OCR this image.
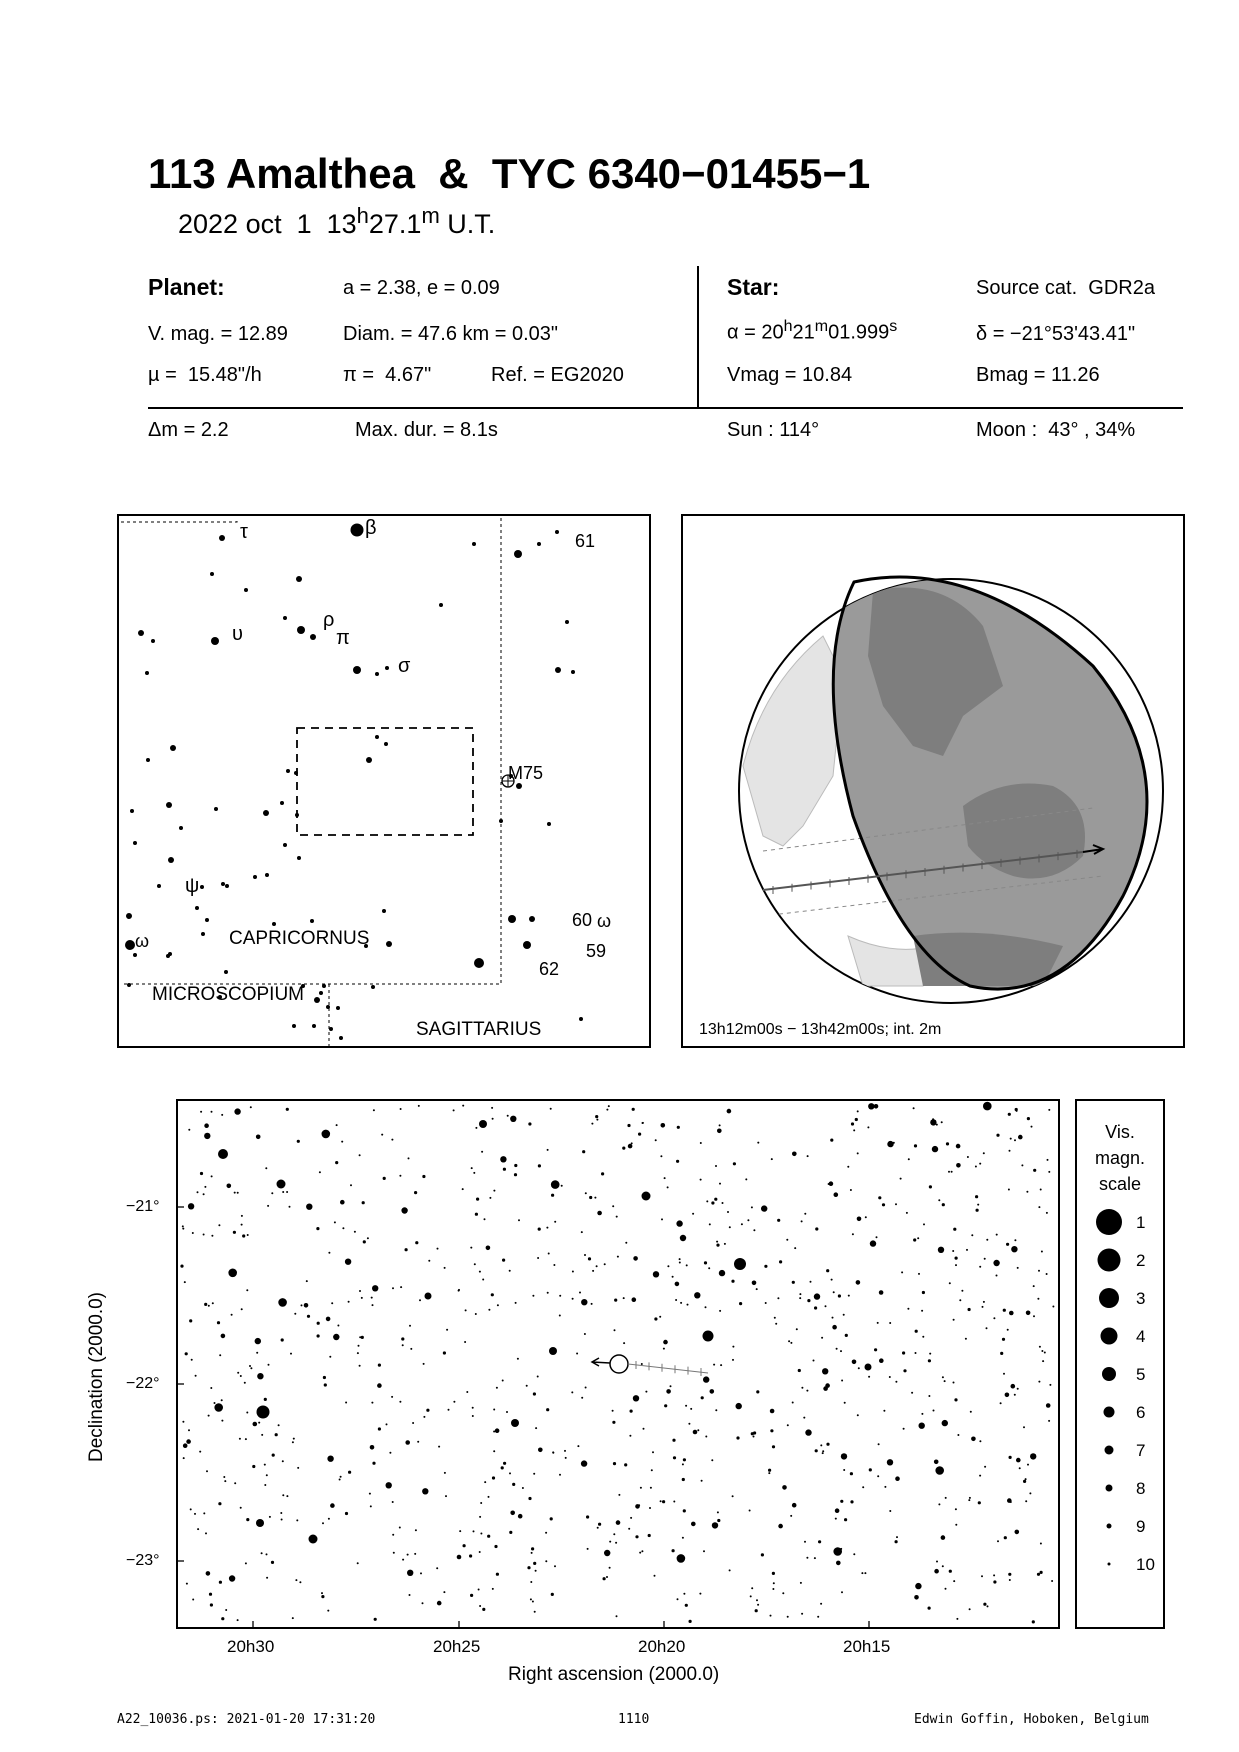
113 Amalthea  &  TYC 6340−01455−1
2022 oct  1  13$^h$27.1$^m$ U.T.
Planet:	a = 2.38, e = 0.09
V. mag. = 12.89	Diam. = 47.6 km = 0.03"
µ =  15.48"/h	π =  4.67"	Ref. = EG2020
Star:	Source cat.  GDR2a
$\alpha = 20^h21^m01.999^s$	δ = −21°53'43.41"
Vmag = 10.84	Bmag = 11.26
Δm = 2.2	Max. dur. = 8.1s	Sun : 114°	Moon :  43° , 34%
τ	β
61
ρ
π
υ
σ
M75
ψ
60 ω
ω	59
62
CAPRICORNUS
MICROSCOPIUM
SAGITTARIUS	13h12m00s − 13h42m00s; int. 2m
−21°
−22°
−23°
20h30	20h25	20h20	20h15
Right ascension (2000.0)
Declination (2000.0)
Vis.
magn.
scale
1
2
3
4
5
6
7
8
9
10
A22_10036.ps: 2021-01-20 17:31:20	1110	Edwin Goffin, Hoboken, Belgium
